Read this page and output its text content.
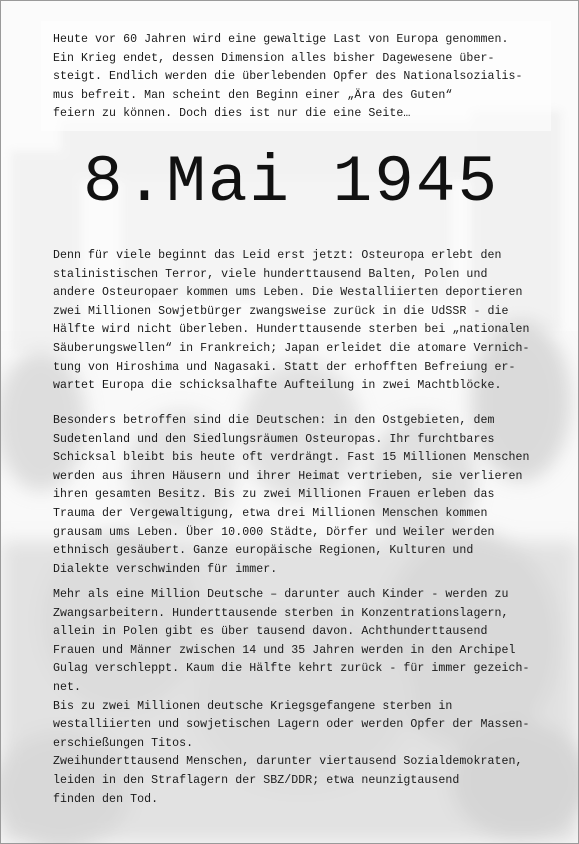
Heute vor 60 Jahren wird eine gewaltige Last von Europa genommen.

Ein Krieg endet, dessen Dimension alles bisher Dagewesene über-

steigt. Endlich werden die überlebenden Opfer des Nationalsozialis-

mus befreit. Man scheint den Beginn einer „Ära des Guten“

feiern zu können. Doch dies ist nur die eine Seite…

8.Mai 1945

Denn für viele beginnt das Leid erst jetzt: Osteuropa erlebt den

stalinistischen Terror, viele hunderttausend Balten, Polen und

andere Osteuropaer kommen ums Leben. Die Westalliierten deportieren

zwei Millionen Sowjetbürger zwangsweise zurück in die UdSSR - die

Hälfte wird nicht überleben. Hunderttausende sterben bei „nationalen

Säuberungswellen“ in Frankreich; Japan erleidet die atomare Vernich-

tung von Hiroshima und Nagasaki. Statt der erhofften Befreiung er-

wartet Europa die schicksalhafte Aufteilung in zwei Machtblöcke.

Besonders betroffen sind die Deutschen: in den Ostgebieten, dem

Sudetenland und den Siedlungsräumen Osteuropas. Ihr furchtbares

Schicksal bleibt bis heute oft verdrängt. Fast 15 Millionen Menschen

werden aus ihren Häusern und ihrer Heimat vertrieben, sie verlieren

ihren gesamten Besitz. Bis zu zwei Millionen Frauen erleben das

Trauma der Vergewaltigung, etwa drei Millionen Menschen kommen

grausam ums Leben. Über 10.000 Städte, Dörfer und Weiler werden

ethnisch gesäubert. Ganze europäische Regionen, Kulturen und

Dialekte verschwinden für immer.

Mehr als eine Million Deutsche – darunter auch Kinder - werden zu

Zwangsarbeitern. Hunderttausende sterben in Konzentrationslagern,

allein in Polen gibt es über tausend davon. Achthunderttausend

Frauen und Männer zwischen 14 und 35 Jahren werden in den Archipel

Gulag verschleppt. Kaum die Hälfte kehrt zurück - für immer gezeich-

net.

Bis zu zwei Millionen deutsche Kriegsgefangene sterben in

westalliierten und sowjetischen Lagern oder werden Opfer der Massen-

erschießungen Titos.

Zweihunderttausend Menschen, darunter viertausend Sozialdemokraten,

leiden in den Straflagern der SBZ/DDR; etwa neunzigtausend

finden den Tod.
